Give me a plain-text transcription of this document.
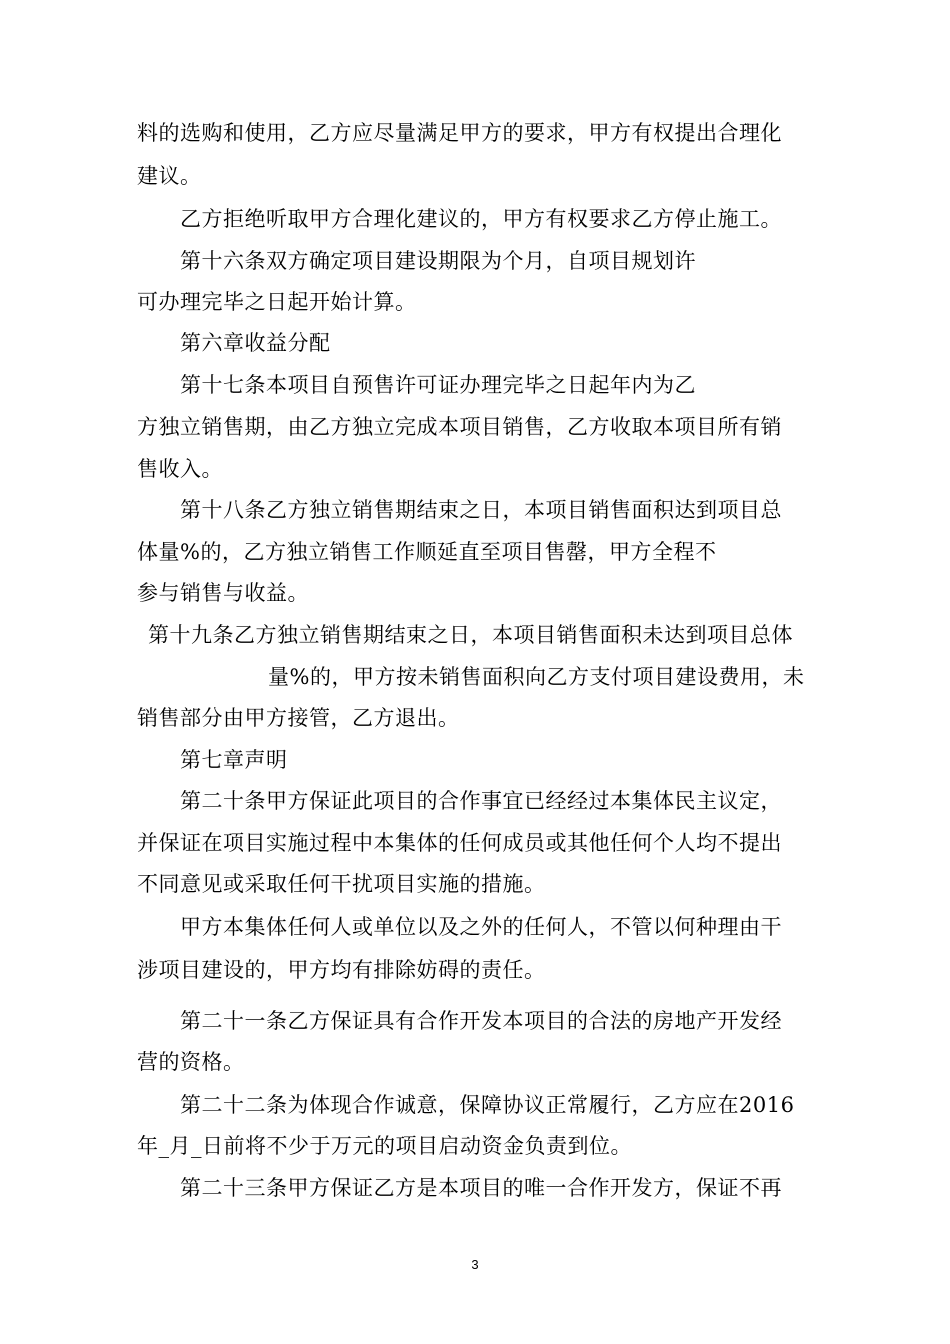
料的选购和使用，乙方应尽量满足甲方的要求，甲方有权提出合理化
建议。
乙方拒绝听取甲方合理化建议的，甲方有权要求乙方停止施工。
第十六条双方确定项目建设期限为个月，自项目规划许
可办理完毕之日起开始计算。
第六章收益分配
第十七条本项目自预售许可证办理完毕之日起年内为乙
方独立销售期，由乙方独立完成本项目销售，乙方收取本项目所有销
售收入。
第十八条乙方独立销售期结束之日，本项目销售面积达到项目总
体量%的，乙方独立销售工作顺延直至项目售罄，甲方全程不
参与销售与收益。
第十九条乙方独立销售期结束之日，本项目销售面积未达到项目总体
量%的，甲方按未销售面积向乙方支付项目建设费用，未
销售部分由甲方接管，乙方退出。
第七章声明
第二十条甲方保证此项目的合作事宜已经经过本集体民主议定，
并保证在项目实施过程中本集体的任何成员或其他任何个人均不提出
不同意见或采取任何干扰项目实施的措施。
甲方本集体任何人或单位以及之外的任何人，不管以何种理由干
涉项目建设的，甲方均有排除妨碍的责任。
第二十一条乙方保证具有合作开发本项目的合法的房地产开发经
营的资格。
第二十二条为体现合作诚意，保障协议正常履行，乙方应在2016
年_月_日前将不少于万元的项目启动资金负责到位。
第二十三条甲方保证乙方是本项目的唯一合作开发方，保证不再
3
